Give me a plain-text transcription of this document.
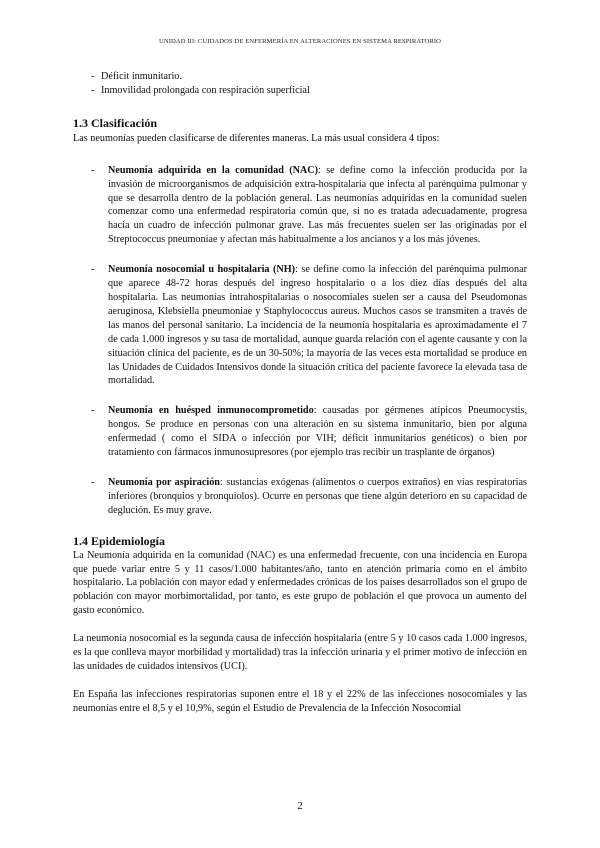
UNIDAD III: CUIDADOS DE ENFERMERÍA EN ALTERACIONES EN SISTEMA RESPIRATORIO

- Déficit inmunitario.

- Inmovilidad prolongada con respiración superficial

1.3 Clasificación

Las neumonías pueden clasificarse de diferentes maneras. La más usual considera 4 tipos:

- Neumonía adquirida en la comunidad (NAC): se define como la infección producida por la invasión de microorganismos de adquisición extra-hospitalaria que infecta al parénquima pulmonar y que se desarrolla dentro de la población general. Las neumonías adquiridas en la comunidad suelen comenzar como una enfermedad respiratoria común que, si no es tratada adecuadamente, progresa hacia un cuadro de infección pulmonar grave. Las más frecuentes suelen ser las originadas por el Streptococcus pneumoniae y afectan más habitualmente a los ancianos y a los más jóvenes.

- Neumonía nosocomial u hospitalaria (NH): se define como la infección del parénquima pulmonar que aparece 48-72 horas después del ingreso hospitalario o a los diez días después del alta hospitalaria. Las neumonías intrahospitalarias o nosocomiales suelen ser a causa del Pseudomonas aeruginosa, Klebsiella pneumoniae y Staphylococcus aureus. Muchos casos se transmiten a través de las manos del personal sanitario. La incidencia de la neumonía hospitalaria es aproximadamente el 7 de cada 1.000 ingresos y su tasa de mortalidad, aunque guarda relación con el agente causante y con la situación clínica del paciente, es de un 30-50%; la mayoría de las veces esta mortalidad se produce en las Unidades de Cuidados Intensivos donde la situación crítica del paciente favorece la elevada tasa de mortalidad.

- Neumonía en huésped inmunocomprometido: causadas por gérmenes atípicos Pneumocystis, hongos. Se produce en personas con una alteración en su sistema inmunitario, bien por alguna enfermedad ( como el SIDA o infección por VIH; déficit inmunitarios genéticos) o bien por tratamiento con fármacos inmunosupresores (por ejemplo tras recibir un trasplante de órganos)

- Neumonía por aspiración: sustancias exógenas (alimentos o cuerpos extraños) en vías respiratorias inferiores (bronquios y bronquiolos). Ocurre en personas que tiene algún deterioro en su capacidad de deglución. Es muy grave.

1.4 Epidemiología

La Neumonía adquirida en la comunidad (NAC) es una enfermedad frecuente, con una incidencia en Europa que puede variar entre 5 y 11 casos/1.000 habitantes/año, tanto en atención primaria como en el ámbito hospitalario. La población con mayor edad y enfermedades crónicas de los países desarrollados son el grupo de población con mayor morbimortalidad, por tanto, es este grupo de población el que provoca un aumento del gasto económico.

La neumonía nosocomial es la segunda causa de infección hospitalaria (entre 5 y 10 casos cada 1.000 ingresos, es la que conlleva mayor morbilidad y mortalidad) tras la infección urinaria y el primer motivo de infección en las unidades de cuidados intensivos (UCI).

En España las infecciones respiratorias suponen entre el 18 y el 22% de las infecciones nosocomiales y las neumonías entre el 8,5 y el 10,9%, según el Estudio de Prevalencia de la Infección Nosocomial

2
